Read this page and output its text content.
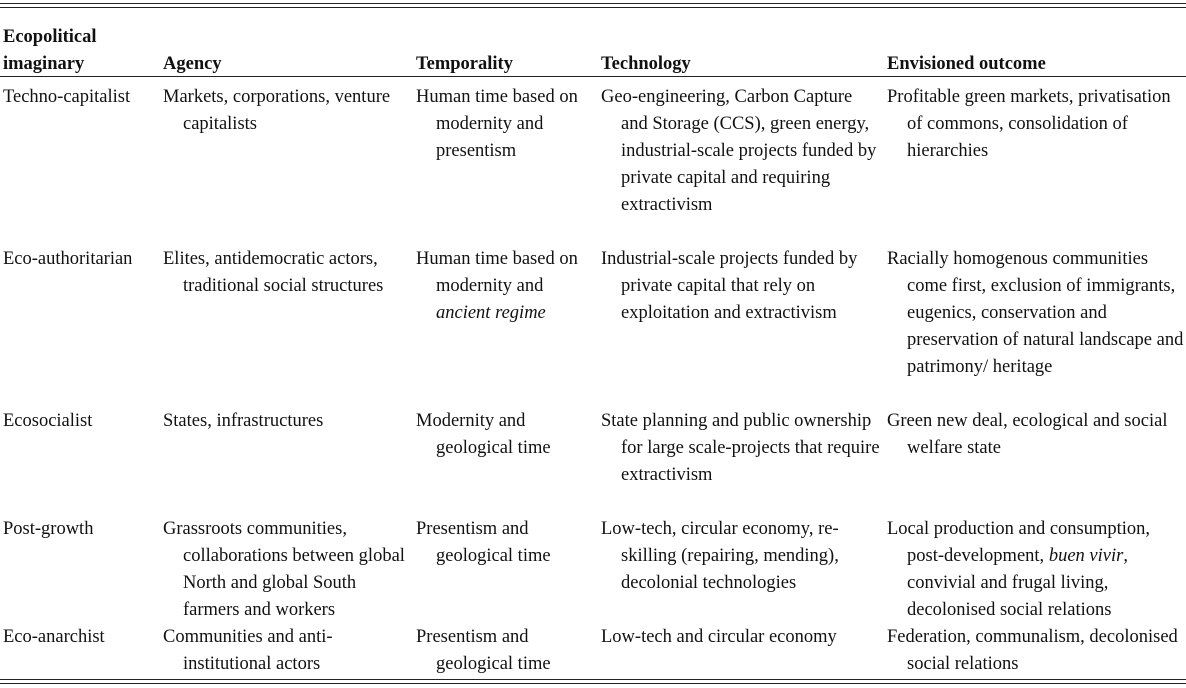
Ecopolitical imaginary	Agency	Temporality	Technology	Envisioned outcome

Techno-capitalist	Markets, corporations, venture capitalists	Human time based on modernity and presentism	Geo-engineering, Carbon Capture and Storage (CCS), green energy, industrial-scale projects funded by private capital and requiring extractivism	Profitable green markets, privatisation of commons, consolidation of hierarchies

Eco-authoritarian	Elites, antidemocratic actors, traditional social structures	Human time based on modernity and ancient regime	Industrial-scale projects funded by private capital that rely on exploitation and extractivism	Racially homogenous communities come first, exclusion of immigrants, eugenics, conservation and preservation of natural landscape and patrimony/ heritage

Ecosocialist	States, infrastructures	Modernity and geological time	State planning and public ownership for large scale-projects that require extractivism	Green new deal, ecological and social welfare state

Post-growth	Grassroots communities, collaborations between global North and global South farmers and workers	Presentism and geological time	Low-tech, circular economy, re-skilling (repairing, mending), decolonial technologies	Local production and consumption, post-development, buen vivir, convivial and frugal living, decolonised social relations

Eco-anarchist	Communities and anti-institutional actors	Presentism and geological time	Low-tech and circular economy	Federation, communalism, decolonised social relations
